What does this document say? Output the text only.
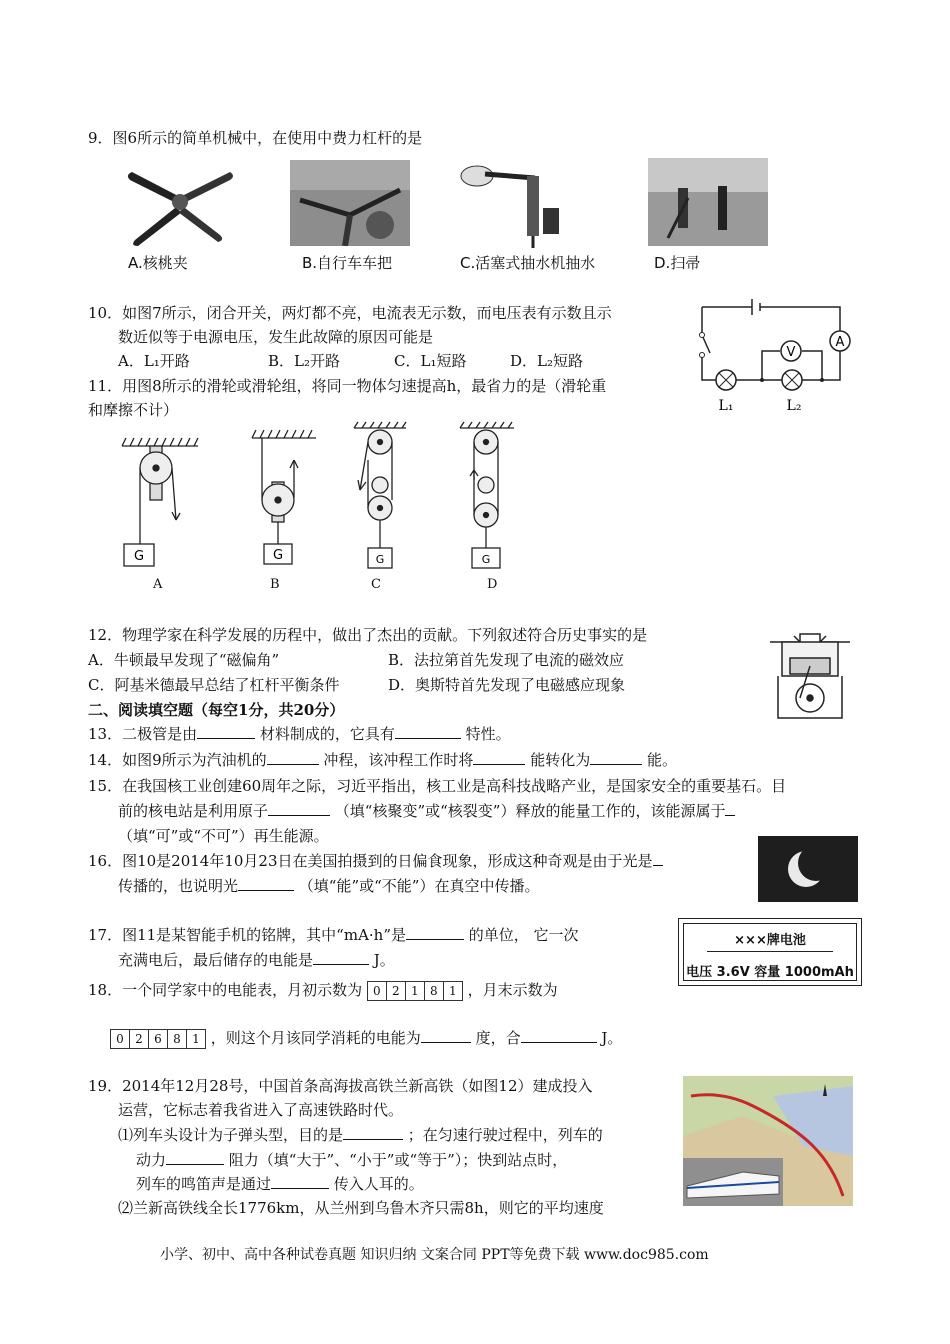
9．图6所示的简单机械中，在使用中费力杠杆的是
A.核桃夹	B.自行车车把	C.活塞式抽水机抽水	D.扫帚
10．如图7所示，闭合开关，两灯都不亮，电流表无示数，而电压表有示数且示
数近似等于电源电压，发生此故障的原因可能是
A．L₁开路	B．L₂开路	C．L₁短路	D．L₂短路
A
V
L₁	L₂
11．用图8所示的滑轮或滑轮组，将同一物体匀速提高h，最省力的是（滑轮重
和摩擦不计）
G	G	G	G
A	B	C	D
12．物理学家在科学发展的历程中，做出了杰出的贡献。下列叙述符合历史事实的是
A．牛顿最早发现了“磁偏角”	B．法拉第首先发现了电流的磁效应
C．阿基米德最早总结了杠杆平衡条件	D．奥斯特首先发现了电磁感应现象
二、阅读填空题（每空1分，共20分）
13．二极管是由	材料制成的，它具有	特性。
14．如图9所示为汽油机的	冲程，该冲程工作时将	能转化为	能。
15．在我国核工业创建60周年之际，习近平指出，核工业是高科技战略产业，是国家安全的重要基石。目
前的核电站是利用原子	（填“核聚变”或“核裂变”）释放的能量工作的，该能源属于
（填“可”或“不可”）再生能源。
16．图10是2014年10月23日在美国拍摄到的日偏食现象，形成这种奇观是由于光是
传播的，也说明光	（填“能”或“不能”）在真空中传播。
17．图11是某智能手机的铭牌，其中“mA·h”是	的单位， 它一次
充满电后，最后储存的电能是	J。
×××牌电池
电压 3.6V 容量 1000mAh
18．一个同学家中的电能表，月初示数为 0 2 1 8 1 ，月末示数为
0 2 6 8 1 ，则这个月该同学消耗的电能为	度，合	J。
19．2014年12月28号，中国首条高海拔高铁兰新高铁（如图12）建成投入
运营，它标志着我省进入了高速铁路时代。
⑴列车头设计为子弹头型，目的是	；在匀速行驶过程中，列车的
动力	阻力（填“大于”、“小于”或“等于”）；快到站点时，
列车的鸣笛声是通过	传入人耳的。
⑵兰新高铁线全长1776km，从兰州到乌鲁木齐只需8h，则它的平均速度
小学、初中、高中各种试卷真题 知识归纳 文案合同 PPT等免费下载 www.doc985.com
